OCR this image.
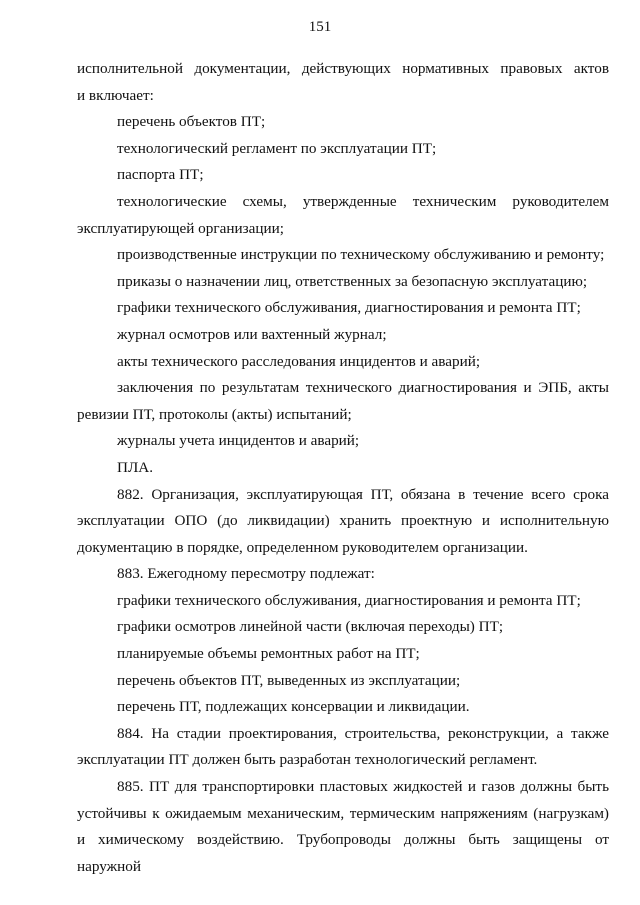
151

исполнительной документации, действующих нормативных правовых актов

и включает:

перечень объектов ПТ;

технологический регламент по эксплуатации ПТ;

паспорта ПТ;

технологические схемы, утвержденные техническим руководителем эксплуатирующей организации;

производственные инструкции по техническому обслуживанию и ремонту;

приказы о назначении лиц, ответственных за безопасную эксплуатацию;

графики технического обслуживания, диагностирования и ремонта ПТ;

журнал осмотров или вахтенный журнал;

акты технического расследования инцидентов и аварий;

заключения по результатам технического диагностирования и ЭПБ, акты ревизии ПТ, протоколы (акты) испытаний;

журналы учета инцидентов и аварий;

ПЛА.

882. Организация, эксплуатирующая ПТ, обязана в течение всего срока эксплуатации ОПО (до ликвидации) хранить проектную и исполнительную документацию в порядке, определенном руководителем организации.

883. Ежегодному пересмотру подлежат:

графики технического обслуживания, диагностирования и ремонта ПТ;

графики осмотров линейной части (включая переходы) ПТ;

планируемые объемы ремонтных работ на ПТ;

перечень объектов ПТ, выведенных из эксплуатации;

перечень ПТ, подлежащих консервации и ликвидации.

884. На стадии проектирования, строительства, реконструкции, а также эксплуатации ПТ должен быть разработан технологический регламент.

885. ПТ для транспортировки пластовых жидкостей и газов должны быть устойчивы к ожидаемым механическим, термическим напряжениям (нагрузкам) и химическому воздействию. Трубопроводы должны быть защищены от наружной
